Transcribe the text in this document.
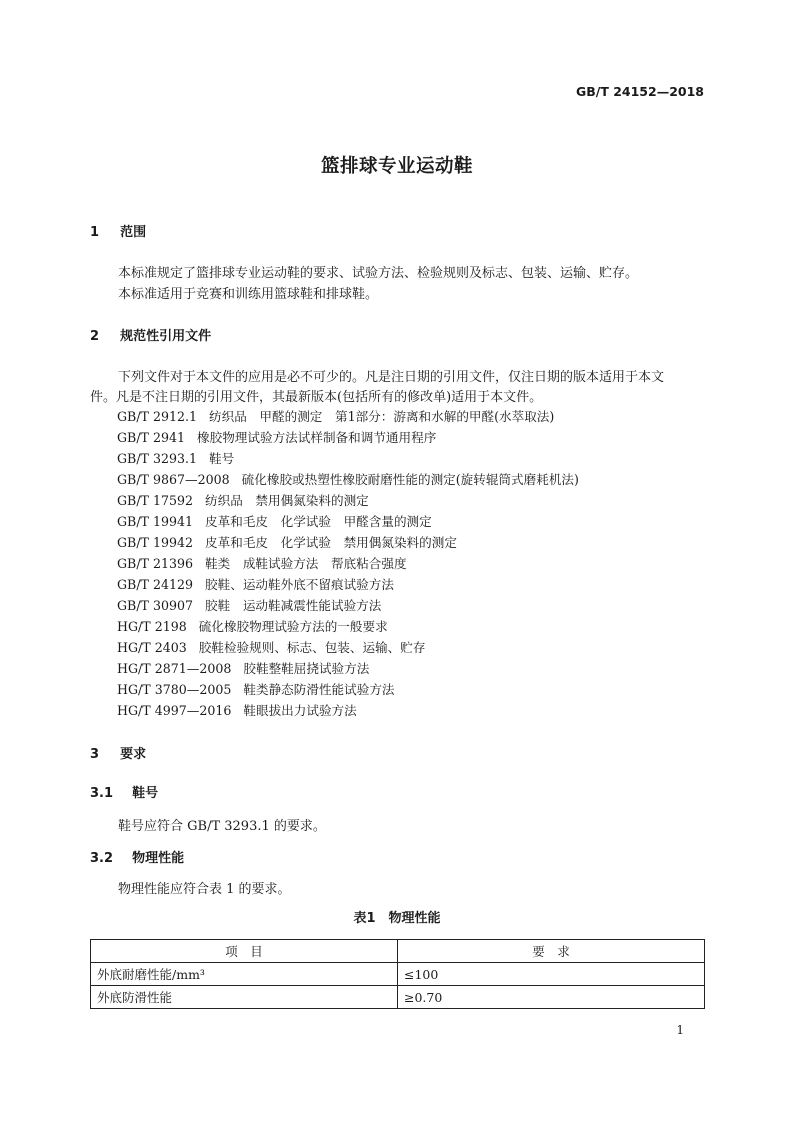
GB/T 24152—2018
篮排球专业运动鞋
1 范围
本标准规定了篮排球专业运动鞋的要求、试验方法、检验规则及标志、包装、运输、贮存。
本标准适用于竞赛和训练用篮球鞋和排球鞋。
2 规范性引用文件
下列文件对于本文件的应用是必不可少的。凡是注日期的引用文件，仅注日期的版本适用于本文
件。凡是不注日期的引用文件，其最新版本(包括所有的修改单)适用于本文件。
GB/T 2912.1 纺织品　甲醛的测定　第1部分：游离和水解的甲醛(水萃取法)
GB/T 2941 橡胶物理试验方法试样制备和调节通用程序
GB/T 3293.1 鞋号
GB/T 9867—2008 硫化橡胶或热塑性橡胶耐磨性能的测定(旋转辊筒式磨耗机法)
GB/T 17592 纺织品　禁用偶氮染料的测定
GB/T 19941 皮革和毛皮　化学试验　甲醛含量的测定
GB/T 19942 皮革和毛皮　化学试验　禁用偶氮染料的测定
GB/T 21396 鞋类　成鞋试验方法　帮底粘合强度
GB/T 24129 胶鞋、运动鞋外底不留痕试验方法
GB/T 30907 胶鞋　运动鞋减震性能试验方法
HG/T 2198 硫化橡胶物理试验方法的一般要求
HG/T 2403 胶鞋检验规则、标志、包装、运输、贮存
HG/T 2871—2008 胶鞋整鞋屈挠试验方法
HG/T 3780—2005 鞋类静态防滑性能试验方法
HG/T 4997—2016 鞋眼拔出力试验方法
3 要求
3.1 鞋号
鞋号应符合 GB/T 3293.1 的要求。
3.2 物理性能
物理性能应符合表 1 的要求。
表1　物理性能
项　目	要　求
外底耐磨性能/mm³	≤100
外底防滑性能	≥0.70
1
